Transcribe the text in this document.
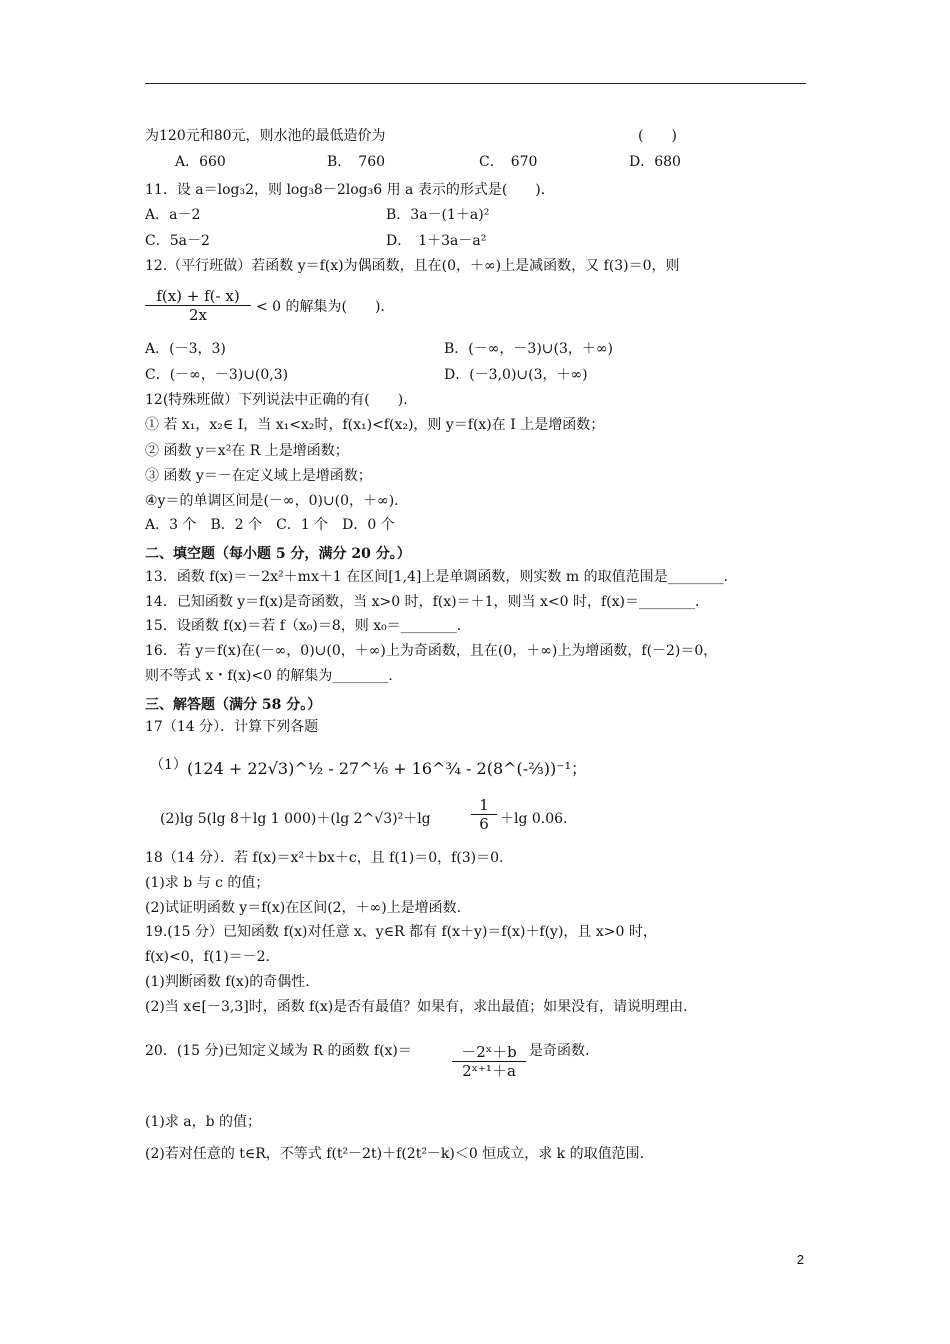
为120元和80元，则水池的最低造价为	(　　)
A．660	B．　760	C．　670	D．680
11．设 a＝log₃2，则 log₃8－2log₃6 用 a 表示的形式是(　　)．
A．a－2	B．3a－(1＋a)²
C．5a－2	D．　1＋3a－a²
12.（平行班做）若函数 y＝f(x)为偶函数，且在(0，＋∞)上是减函数，又 f(3)＝0，则
$\frac{f(x) + f(- x)}{2x} < 0$ 的解集为(　　)．
A．(－3，3)	B．(－∞，－3)∪(3，＋∞)
C．(－∞，－3)∪(0,3)	D．(－3,0)∪(3，＋∞)
12(特殊班做）下列说法中正确的有(　　)．
① 若 x₁，x₂∈ I，当 x₁<x₂时，f(x₁)<f(x₂)，则 y＝f(x)在 I 上是增函数；
② 函数 y＝x²在 R 上是增函数；
③ 函数 y＝－在定义域上是增函数；
④y＝的单调区间是(－∞，0)∪(0，＋∞)．
A．3 个　B．2 个　C．1 个　D．0 个
二、填空题（每小题 5 分，满分 20 分。）
13．函数 f(x)＝－2x²＋mx＋1 在区间[1,4]上是单调函数，则实数 m 的取值范围是________．
14．已知函数 y＝f(x)是奇函数，当 x>0 时，f(x)＝＋1，则当 x<0 时，f(x)＝________．
15．设函数 f(x)＝若 f（x₀)＝8，则 x₀＝________．
16．若 y＝f(x)在(－∞，0)∪(0，＋∞)上为奇函数，且在(0，＋∞)上为增函数，f(－2)＝0，
则不等式 x・f(x)<0 的解集为________．
三、解答题（满分 58 分。）
17（14 分）．计算下列各题
（1） (124 + 22√3)^½ - 27^⅙ + 16^¾ - 2(8^(-⅔))⁻¹；
(2)lg 5(lg 8＋lg 1 000)＋(lg 2^√3)²＋lg	$\frac{1}{6} +\lg$ 0.06.
18（14 分）．若 f(x)＝x²＋bx＋c，且 f(1)＝0，f(3)＝0.
(1)求 b 与 c 的值；
(2)试证明函数 y＝f(x)在区间(2，＋∞)上是增函数.
19.(15 分）已知函数 f(x)对任意 x、y∈R 都有 f(x＋y)＝f(x)＋f(y)，且 x>0 时，
f(x)<0，f(1)＝－2.
(1)判断函数 f(x)的奇偶性.
(2)当 x∈[－3,3]时，函数 f(x)是否有最值？如果有，求出最值；如果没有，请说明理由.
20．(15 分)已知定义域为 R 的函数 f(x)＝	$\frac{\text{－2ˣ＋b}}{\text{2ˣ⁺¹＋a}}$ 是奇函数.
(1)求 a，b 的值；
(2)若对任意的 t∈R，不等式 f(t²－2t)＋f(2t²－k)＜0 恒成立，求 k 的取值范围.
2
